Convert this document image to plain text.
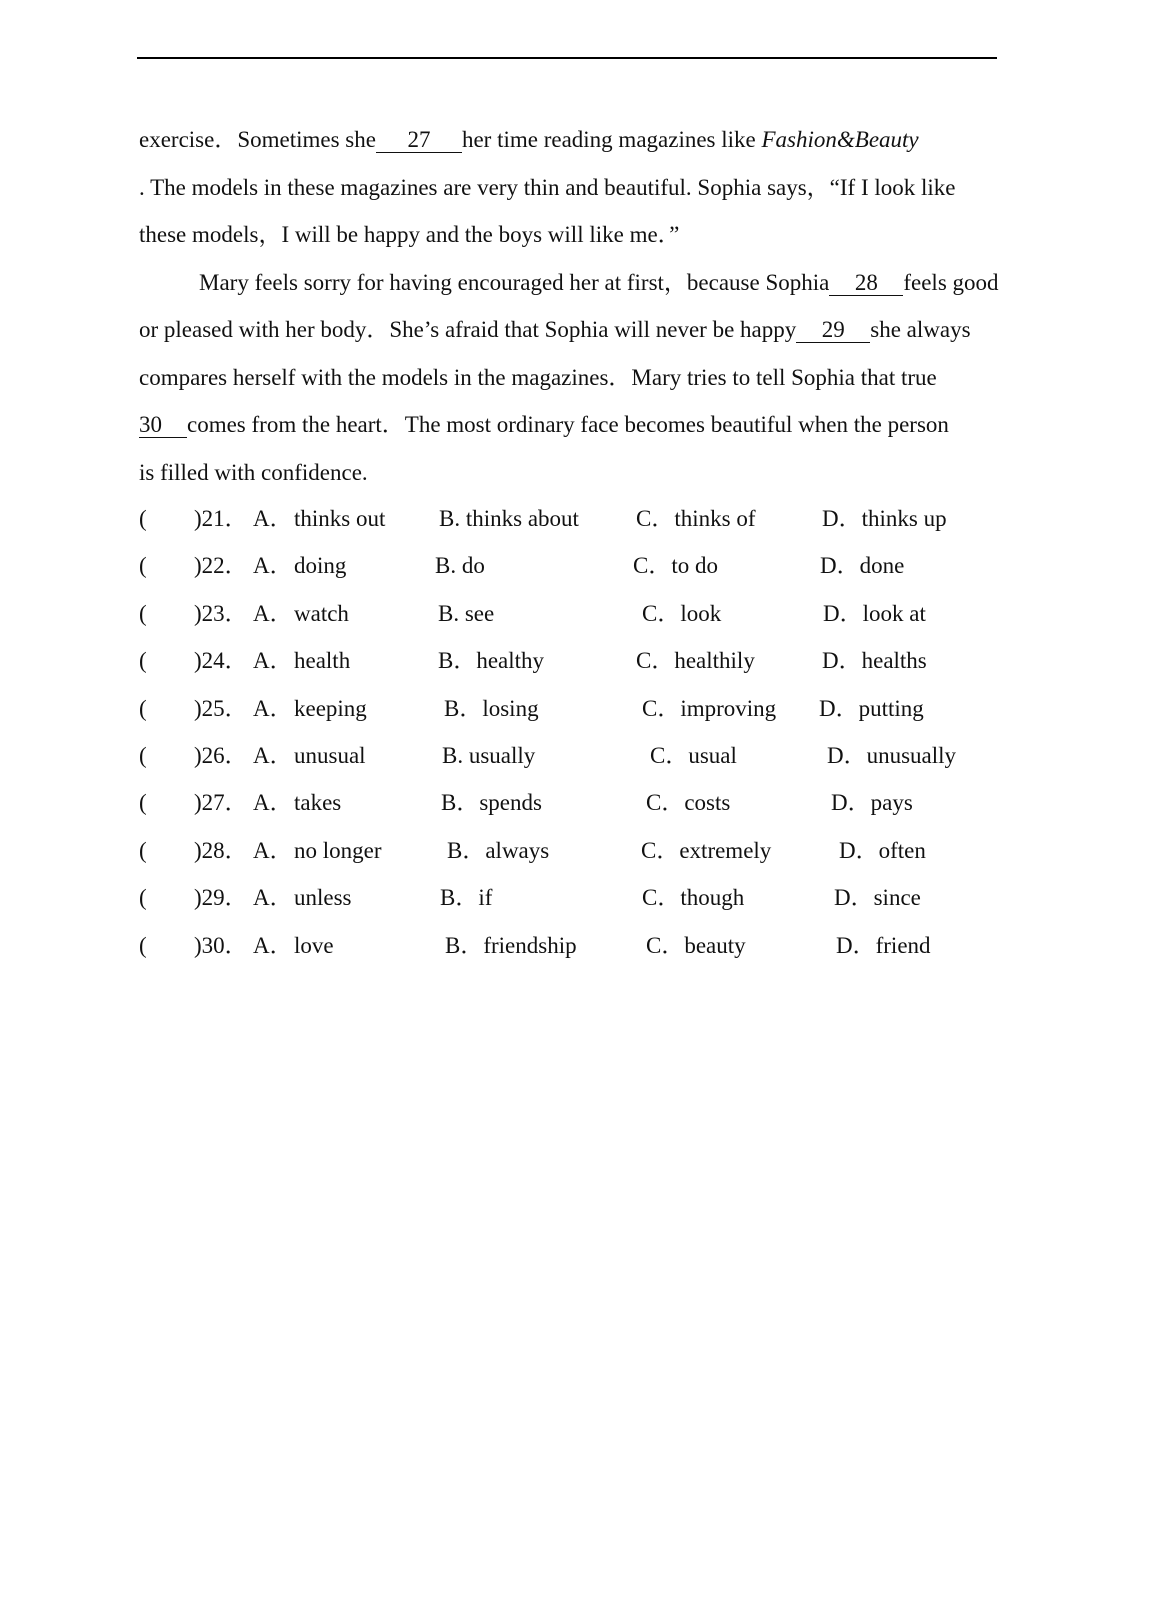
exercise．Sometimes she 27 her time reading magazines like Fashion&Beauty
. The models in these magazines are very thin and beautiful. Sophia says，“If I look like
these models，I will be happy and the boys will like me．”
Mary feels sorry for having encouraged her at first，because Sophia 28 feels good
or pleased with her body．She’s afraid that Sophia will never be happy 29 she always
compares herself with the models in the magazines．Mary tries to tell Sophia that true
30 comes from the heart．The most ordinary face becomes beautiful when the person
is filled with confidence.
( )21． A． thinks out B. thinks about C．thinks of	D．thinks up
( )22． A． doing	B. do	C．to do	D．done
( )23． A． watch	B. see	C．look	D．look at
( )24． A． health	B．healthy	C．healthily	D．healths
( )25． A． keeping	B．losing	C．improving D．putting
( )26． A． unusual	B. usually	C．usual	D．unusually
( )27． A． takes	B．spends	C．costs	D．pays
( )28． A． no longer	B．always	C．extremely	D．often
( )29． A． unless	B．if	C．though	D．since
( )30． A． love	B．friendship	C．beauty	D．friend
